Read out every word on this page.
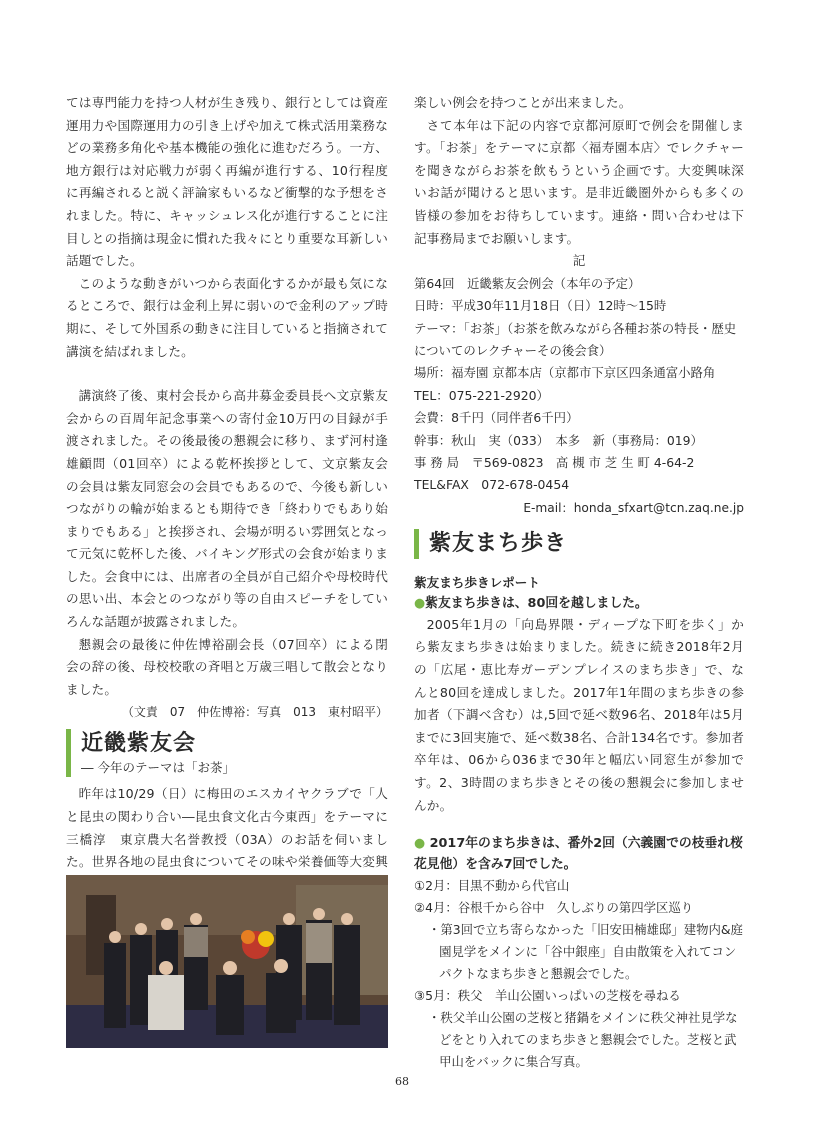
ては専門能力を持つ人材が生き残り、銀行としては資産運用力や国際運用力の引き上げや加えて株式活用業務などの業務多角化や基本機能の強化に進むだろう。一方、地方銀行は対応戦力が弱く再編が進行する、10行程度に再編されると説く評論家もいるなど衝撃的な予想をされました。特に、キャッシュレス化が進行することに注目しとの指摘は現金に慣れた我々にとり重要な耳新しい話題でした。

このような動きがいつから表面化するかが最も気になるところで、銀行は金利上昇に弱いので金利のアップ時期に、そして外国系の動きに注目していると指摘されて講演を結ばれました。

講演終了後、東村会長から高井募金委員長へ文京紫友会からの百周年記念事業への寄付金10万円の目録が手渡されました。その後最後の懇親会に移り、まず河村逢雄顧問（01回卒）による乾杯挨拶として、文京紫友会の会員は紫友同窓会の会員でもあるので、今後も新しいつながりの輪が始まるとも期待でき「終わりでもあり始まりでもある」と挨拶され、会場が明るい雰囲気となって元気に乾杯した後、バイキング形式の会食が始まりました。会食中には、出席者の全員が自己紹介や母校時代の思い出、本会とのつながり等の自由スピーチをしていろんな話題が披露されました。

懇親会の最後に仲佐博裕副会長（07回卒）による閉会の辞の後、母校校歌の斉唱と万歳三唱して散会となりました。

（文責　07　仲佐博裕：写真　013　東村昭平）

近畿紫友会
― 今年のテーマは「お茶」

昨年は10/29（日）に梅田のエスカイヤクラブで「人と昆虫の関わり合い―昆虫食文化古今東西」をテーマに三橋淳　東京農大名誉教授（03A）のお話を伺いました。世界各地の昆虫食についてその味や栄養価等大変興

楽しい例会を持つことが出来ました。

さて本年は下記の内容で京都河原町で例会を開催します。「お茶」をテーマに京都〈福寿園本店〉でレクチャーを聞きながらお茶を飲もうという企画です。大変興味深いお話が聞けると思います。是非近畿圏外からも多くの皆様の参加をお待ちしています。連絡・問い合わせは下記事務局までお願いします。

記

第64回　近畿紫友会例会（本年の予定）

日時：平成30年11月18日（日）12時～15時

テーマ：「お茶」（お茶を飲みながら各種お茶の特長・歴史についてのレクチャーその後会食）

場所：福寿園 京都本店（京都市下京区四条通富小路角　TEL：075-221-2920）

会費：8千円（同伴者6千円）

幹事：秋山　実（033）　本多　新（事務局：019）

事 務 局　〒569-0823　高 槻 市 芝 生 町 4-64-2

TEL&FAX　072-678-0454

E-mail：honda_sfxart@tcn.zaq.ne.jp

紫友まち歩き

紫友まち歩きレポート

●紫友まち歩きは、80回を越しました。

2005年1月の「向島界隈・ディープな下町を歩く」から紫友まち歩きは始まりました。続きに続き2018年2月の「広尾・恵比寿ガーデンプレイスのまち歩き」で、なんと80回を達成しました。2017年1年間のまち歩きの参加者（下調べ含む）は,5回で延べ数96名、2018年は5月までに3回実施で、延べ数38名、合計134名です。参加者卒年は、06から036まで30年と幅広い同窓生が参加です。2、3時間のまち歩きとその後の懇親会に参加しませんか。

● 2017年のまち歩きは、番外2回（六義園での枝垂れ桜花見他）を含み7回でした。

①2月：目黒不動から代官山

②4月：谷根千から谷中　久しぶりの第四学区巡り

・第3回で立ち寄らなかった「旧安田楠雄邸」建物内&庭園見学をメインに「谷中銀座」自由散策を入れてコンパクトなまち歩きと懇親会でした。

③5月：秩父　羊山公園いっぱいの芝桜を尋ねる

・秩父羊山公園の芝桜と猪鍋をメインに秩父神社見学などをとり入れてのまち歩きと懇親会でした。芝桜と武甲山をバックに集合写真。

68
